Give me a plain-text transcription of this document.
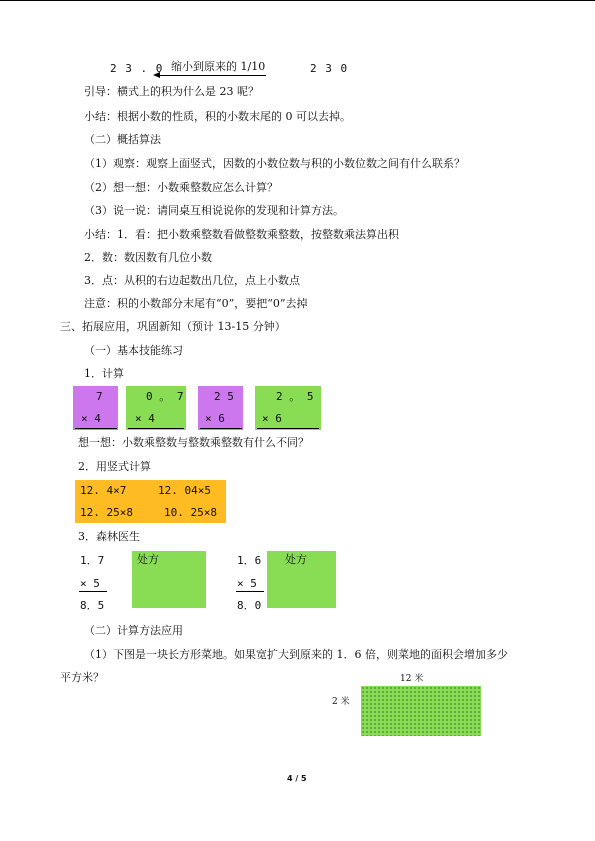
2 3 . 0 缩小到原来的 1/10	2 3 0
引导：横式上的积为什么是 23 呢？
小结：根据小数的性质，积的小数末尾的 0 可以去掉。
（二）概括算法
（1）观察：观察上面竖式，因数的小数位数与积的小数位数之间有什么联系？
（2）想一想：小数乘整数应怎么计算？
（3）说一说：请同桌互相说说你的发现和计算方法。
小结：1．看：把小数乘整数看做整数乘整数，按整数乘法算出积
2．数：数因数有几位小数
3．点：从积的右边起数出几位，点上小数点
注意：积的小数部分末尾有“0”，要把“0”去掉
三、拓展应用，巩固新知（预计 13-15 分钟）
（一）基本技能练习
1．计算
7
× 4
0 。 7
× 4
2 5
× 6
2 。 5
× 6
想一想：小数乘整数与整数乘整数有什么不同？
2．用竖式计算
12. 4×7	12. 04×5
12. 25×8	10. 25×8
3．森林医生
1．7
× 5
8．5
处方	1．6
× 5
8．0
处方
（二）计算方法应用
（1）下图是一块长方形菜地。如果宽扩大到原来的 1．6 倍，则菜地的面积会增加多少
平方米？	12 米
2 米
4 / 5
